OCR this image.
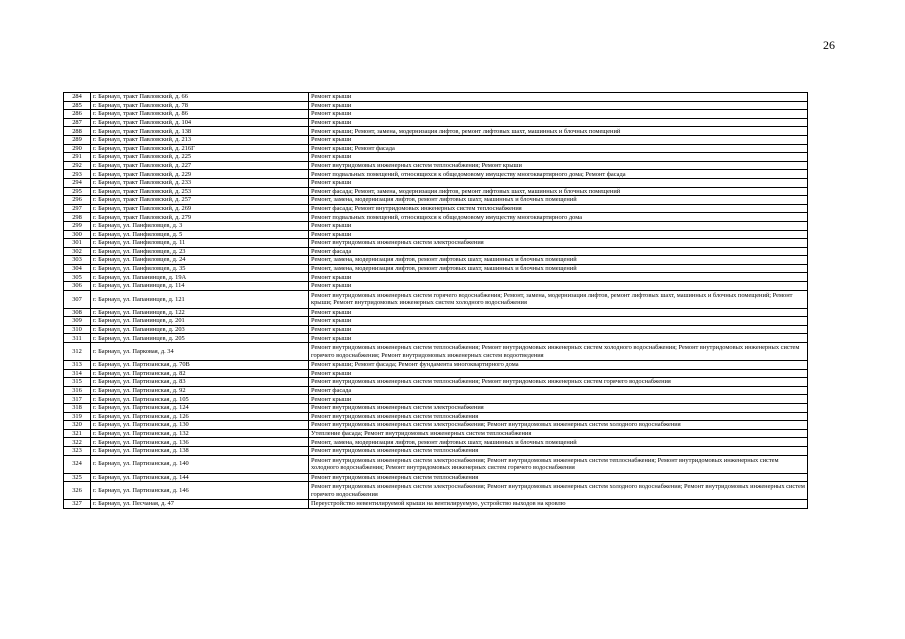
26
284	г. Барнаул, тракт Павловский, д. 66	Ремонт крыши
285	г. Барнаул, тракт Павловский, д. 78	Ремонт крыши
286	г. Барнаул, тракт Павловский, д. 86	Ремонт крыши
287	г. Барнаул, тракт Павловский, д. 104	Ремонт крыши
288	г. Барнаул, тракт Павловский, д. 138	Ремонт крыши; Ремонт, замена, модернизация лифтов, ремонт лифтовых шахт, машинных и блочных помещений
289	г. Барнаул, тракт Павловский, д. 213	Ремонт крыши
290	г. Барнаул, тракт Павловский, д. 216Г	Ремонт крыши; Ремонт фасада
291	г. Барнаул, тракт Павловский, д. 225	Ремонт крыши
292	г. Барнаул, тракт Павловский, д. 227	Ремонт внутридомовых инженерных систем теплоснабжения; Ремонт крыши
293	г. Барнаул, тракт Павловский, д. 229	Ремонт подвальных помещений, относящихся к общедомовому имуществу многоквартирного дома; Ремонт фасада
294	г. Барнаул, тракт Павловский, д. 233	Ремонт крыши
295	г. Барнаул, тракт Павловский, д. 253	Ремонт фасада; Ремонт, замена, модернизация лифтов, ремонт лифтовых шахт, машинных и блочных помещений
296	г. Барнаул, тракт Павловский, д. 257	Ремонт, замена, модернизация лифтов, ремонт лифтовых шахт, машинных и блочных помещений
297	г. Барнаул, тракт Павловский, д. 269	Ремонт фасада; Ремонт внутридомовых инженерных систем теплоснабжения
298	г. Барнаул, тракт Павловский, д. 279	Ремонт подвальных помещений, относящихся к общедомовому имуществу многоквартирного дома
299	г. Барнаул, ул. Панфиловцев, д. 3	Ремонт крыши
300	г. Барнаул, ул. Панфиловцев, д. 5	Ремонт крыши
301	г. Барнаул, ул. Панфиловцев, д. 11	Ремонт внутридомовых инженерных систем электроснабжения
302	г. Барнаул, ул. Панфиловцев, д. 23	Ремонт фасада
303	г. Барнаул, ул. Панфиловцев, д. 24	Ремонт, замена, модернизация лифтов, ремонт лифтовых шахт, машинных и блочных помещений
304	г. Барнаул, ул. Панфиловцев, д. 35	Ремонт, замена, модернизация лифтов, ремонт лифтовых шахт, машинных и блочных помещений
305	г. Барнаул, ул. Папанинцев, д. 19А	Ремонт крыши
306	г. Барнаул, ул. Папанинцев, д. 114	Ремонт крыши
307	г. Барнаул, ул. Папанинцев, д. 121	Ремонт внутридомовых инженерных систем горячего водоснабжения; Ремонт, замена, модернизация лифтов, ремонт лифтовых шахт, машинных и блочных помещений; Ремонт крыши; Ремонт внутридомовых инженерных систем холодного водоснабжения
308	г. Барнаул, ул. Папанинцев, д. 122	Ремонт крыши
309	г. Барнаул, ул. Папанинцев, д. 201	Ремонт крыши
310	г. Барнаул, ул. Папанинцев, д. 203	Ремонт крыши
311	г. Барнаул, ул. Папанинцев, д. 205	Ремонт крыши
312	г. Барнаул, ул. Парковая, д. 34	Ремонт внутридомовых инженерных систем теплоснабжения; Ремонт внутридомовых инженерных систем холодного водоснабжения; Ремонт внутридомовых инженерных систем горячего водоснабжения; Ремонт внутридомовых инженерных систем водоотведения
313	г. Барнаул, ул. Партизанская, д. 70В	Ремонт крыши; Ремонт фасада; Ремонт фундамента многоквартирного дома
314	г. Барнаул, ул. Партизанская, д. 82	Ремонт крыши
315	г. Барнаул, ул. Партизанская, д. 83	Ремонт внутридомовых инженерных систем теплоснабжения; Ремонт внутридомовых инженерных систем горячего водоснабжения
316	г. Барнаул, ул. Партизанская, д. 92	Ремонт фасада
317	г. Барнаул, ул. Партизанская, д. 105	Ремонт крыши
318	г. Барнаул, ул. Партизанская, д. 124	Ремонт внутридомовых инженерных систем электроснабжения
319	г. Барнаул, ул. Партизанская, д. 126	Ремонт внутридомовых инженерных систем теплоснабжения
320	г. Барнаул, ул. Партизанская, д. 130	Ремонт внутридомовых инженерных систем электроснабжения; Ремонт внутридомовых инженерных систем холодного водоснабжения
321	г. Барнаул, ул. Партизанская, д. 132	Утепление фасада; Ремонт внутридомовых инженерных систем теплоснабжения
322	г. Барнаул, ул. Партизанская, д. 136	Ремонт, замена, модернизация лифтов, ремонт лифтовых шахт, машинных и блочных помещений
323	г. Барнаул, ул. Партизанская, д. 138	Ремонт внутридомовых инженерных систем теплоснабжения
324	г. Барнаул, ул. Партизанская, д. 140	Ремонт внутридомовых инженерных систем электроснабжения; Ремонт внутридомовых инженерных систем теплоснабжения; Ремонт внутридомовых инженерных систем холодного водоснабжения; Ремонт внутридомовых инженерных систем горячего водоснабжения
325	г. Барнаул, ул. Партизанская, д. 144	Ремонт внутридомовых инженерных систем теплоснабжения
326	г. Барнаул, ул. Партизанская, д. 146	Ремонт внутридомовых инженерных систем электроснабжения; Ремонт внутридомовых инженерных систем холодного водоснабжения; Ремонт внутридомовых инженерных систем горячего водоснабжения
327	г. Барнаул, ул. Песчаная, д. 47	Переустройство невентилируемой крыши на вентилируемую, устройство выходов на кровлю
